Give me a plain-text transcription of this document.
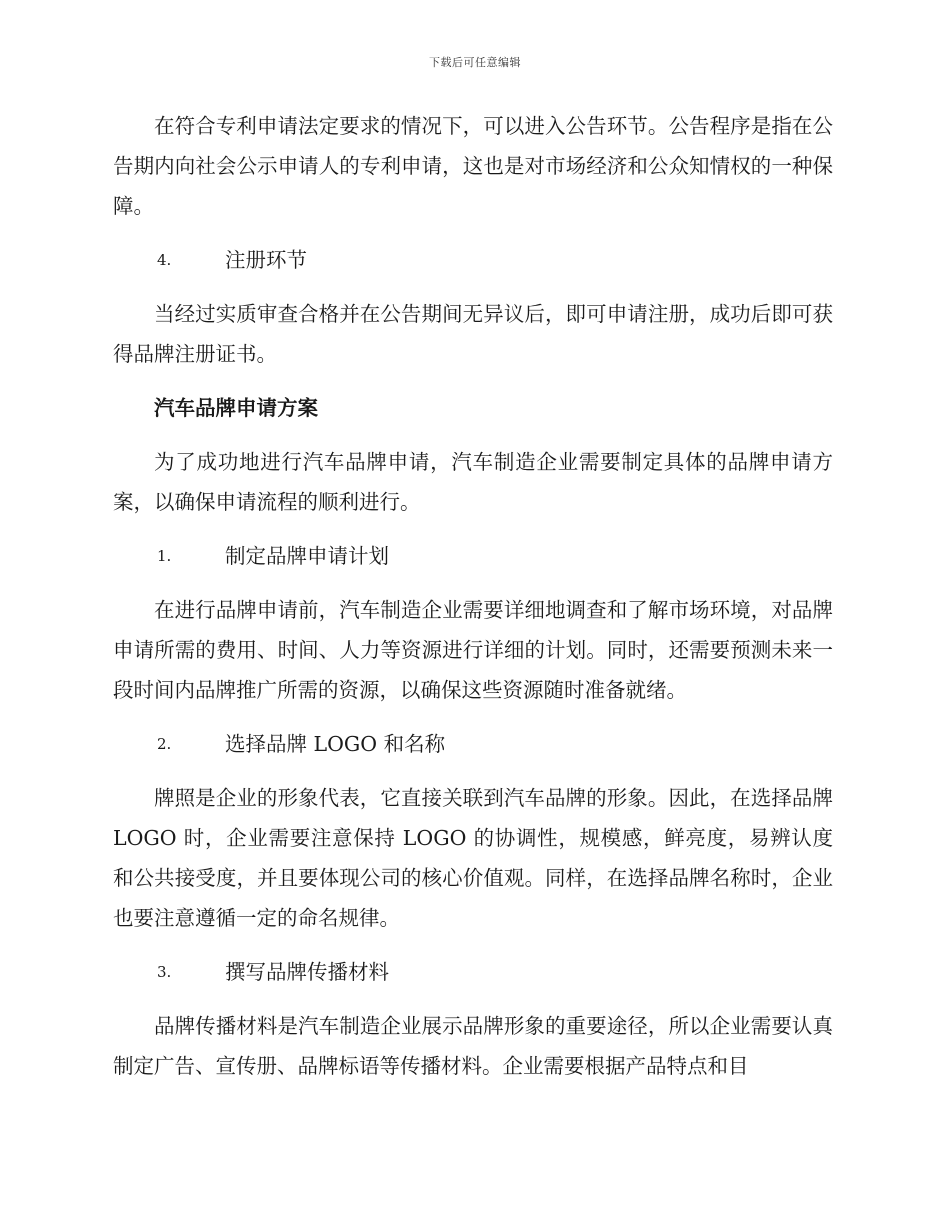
下载后可任意编辑

在符合专利申请法定要求的情况下，可以进入公告环节。公告程序是指在公告期内向社会公示申请人的专利申请，这也是对市场经济和公众知情权的一种保障。

4.	注册环节

当经过实质审查合格并在公告期间无异议后，即可申请注册，成功后即可获得品牌注册证书。

汽车品牌申请方案

为了成功地进行汽车品牌申请，汽车制造企业需要制定具体的品牌申请方案，以确保申请流程的顺利进行。

1.	制定品牌申请计划

在进行品牌申请前，汽车制造企业需要详细地调查和了解市场环境，对品牌申请所需的费用、时间、人力等资源进行详细的计划。同时，还需要预测未来一段时间内品牌推广所需的资源，以确保这些资源随时准备就绪。

2.	选择品牌 LOGO 和名称

牌照是企业的形象代表，它直接关联到汽车品牌的形象。因此，在选择品牌 LOGO 时，企业需要注意保持 LOGO 的协调性，规模感，鲜亮度，易辨认度和公共接受度，并且要体现公司的核心价值观。同样，在选择品牌名称时，企业也要注意遵循一定的命名规律。

3.	撰写品牌传播材料

品牌传播材料是汽车制造企业展示品牌形象的重要途径，所以企业需要认真制定广告、宣传册、品牌标语等传播材料。企业需要根据产品特点和目
